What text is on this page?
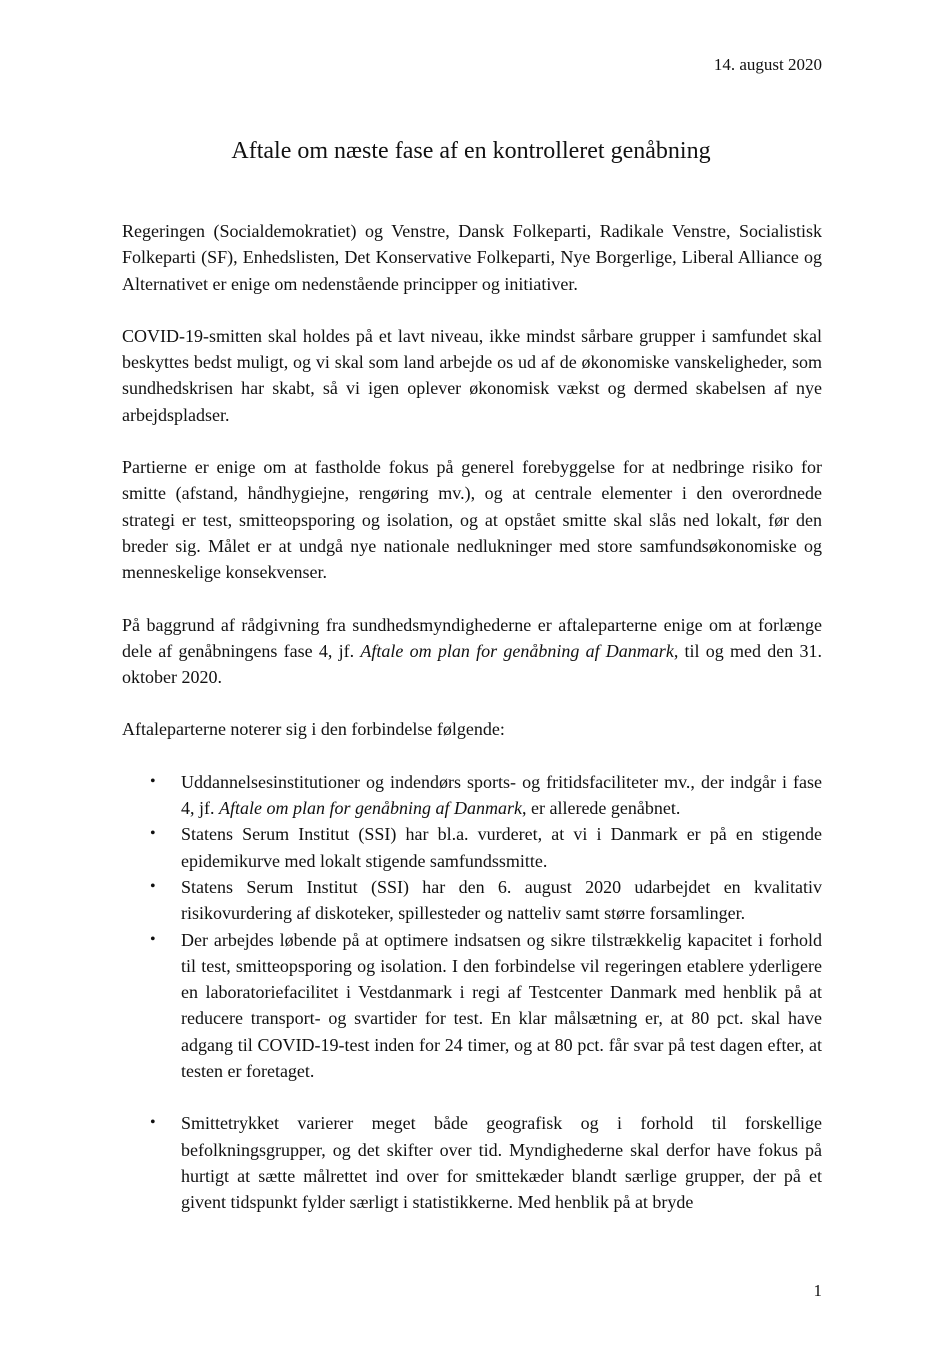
14. august 2020
Aftale om næste fase af en kontrolleret genåbning

Regeringen (Socialdemokratiet) og Venstre, Dansk Folkeparti, Radikale Venstre, Socialistisk Folkeparti (SF), Enhedslisten, Det Konservative Folkeparti, Nye Borgerlige, Liberal Alliance og Alternativet er enige om nedenstående principper og initiativer.

COVID-19-smitten skal holdes på et lavt niveau, ikke mindst sårbare grupper i samfundet skal beskyttes bedst muligt, og vi skal som land arbejde os ud af de økonomiske vanskeligheder, som sundhedskrisen har skabt, så vi igen oplever økonomisk vækst og dermed skabelsen af nye arbejdspladser.

Partierne er enige om at fastholde fokus på generel forebyggelse for at nedbringe risiko for smitte (afstand, håndhygiejne, rengøring mv.), og at centrale elementer i den overordnede strategi er test, smitteopsporing og isolation, og at opstået smitte skal slås ned lokalt, før den breder sig. Målet er at undgå nye nationale nedlukninger med store samfundsøkonomiske og menneskelige konsekvenser.

På baggrund af rådgivning fra sundhedsmyndighederne er aftaleparterne enige om at forlænge dele af genåbningens fase 4, jf. Aftale om plan for genåbning af Danmark, til og med den 31. oktober 2020.

Aftaleparterne noterer sig i den forbindelse følgende:

• Uddannelsesinstitutioner og indendørs sports- og fritidsfaciliteter mv., der indgår i fase 4, jf. Aftale om plan for genåbning af Danmark, er allerede genåbnet.
• Statens Serum Institut (SSI) har bl.a. vurderet, at vi i Danmark er på en stigende epidemikurve med lokalt stigende samfundssmitte.
• Statens Serum Institut (SSI) har den 6. august 2020 udarbejdet en kvalitativ risikovurdering af diskoteker, spillesteder og natteliv samt større forsamlinger.
• Der arbejdes løbende på at optimere indsatsen og sikre tilstrækkelig kapacitet i forhold til test, smitteopsporing og isolation. I den forbindelse vil regeringen etablere yderligere en laboratoriefacilitet i Vestdanmark i regi af Testcenter Danmark med henblik på at reducere transport- og svartider for test. En klar målsætning er, at 80 pct. skal have adgang til COVID-19-test inden for 24 timer, og at 80 pct. får svar på test dagen efter, at testen er foretaget.
• Smittetrykket varierer meget både geografisk og i forhold til forskellige befolkningsgrupper, og det skifter over tid. Myndighederne skal derfor have fokus på hurtigt at sætte målrettet ind over for smittekæder blandt særlige grupper, der på et givent tidspunkt fylder særligt i statistikkerne. Med henblik på at bryde
1
